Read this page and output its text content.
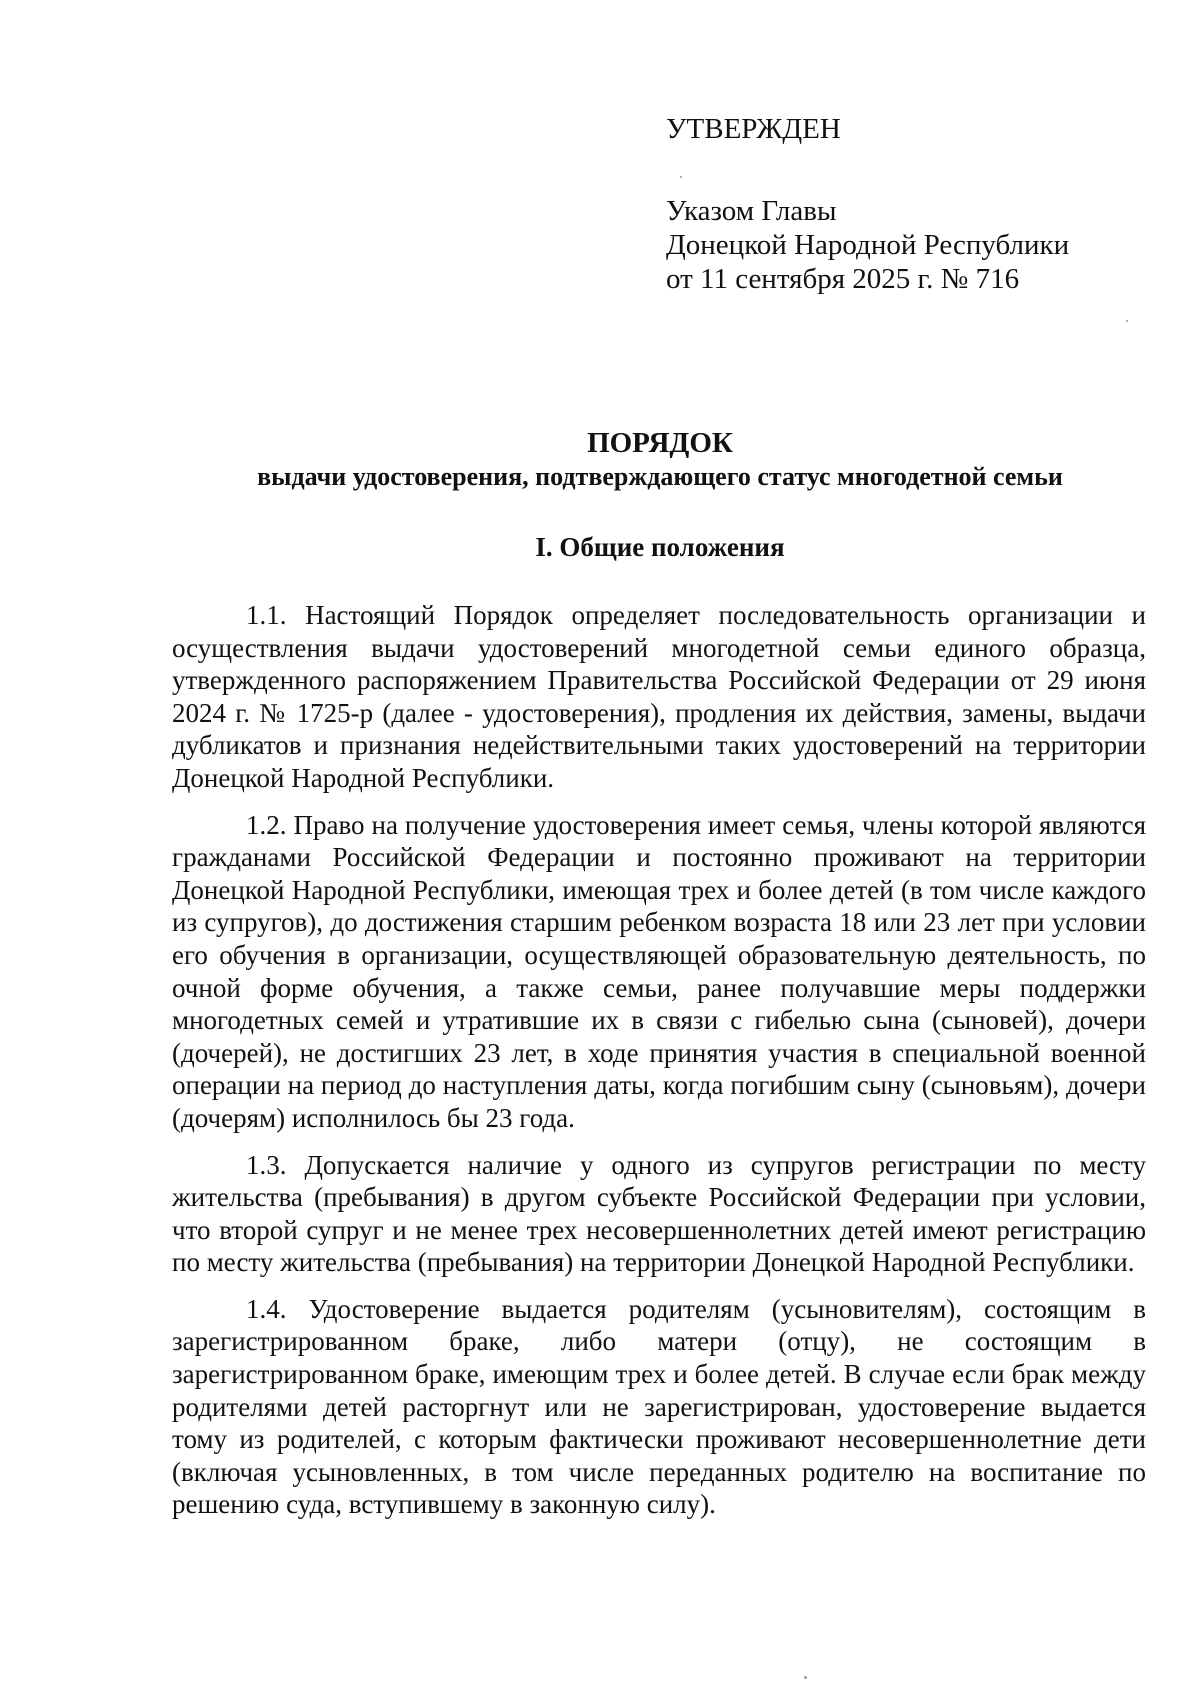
УТВЕРЖДЕН
Указом Главы
Донецкой Народной Республики
от 11 сентября 2025 г. № 716
ПОРЯДОК
выдачи удостоверения, подтверждающего статус многодетной семьи
I. Общие положения

1.1. Настоящий Порядок определяет последовательность организации и осуществления выдачи удостоверений многодетной семьи единого образца, утвержденного распоряжением Правительства Российской Федерации от 29 июня 2024 г. № 1725-р (далее - удостоверения), продления их действия, замены, выдачи дубликатов и признания недействительными таких удостоверений на территории Донецкой Народной Республики.

1.2. Право на получение удостоверения имеет семья, члены которой являются гражданами Российской Федерации и постоянно проживают на территории Донецкой Народной Республики, имеющая трех и более детей (в том числе каждого из супругов), до достижения старшим ребенком возраста 18 или 23 лет при условии его обучения в организации, осуществляющей образовательную деятельность, по очной форме обучения, а также семьи, ранее получавшие меры поддержки многодетных семей и утратившие их в связи с гибелью сына (сыновей), дочери (дочерей), не достигших 23 лет, в ходе принятия участия в специальной военной операции на период до наступления даты, когда погибшим сыну (сыновьям), дочери (дочерям) исполнилось бы 23 года.

1.3. Допускается наличие у одного из супругов регистрации по месту жительства (пребывания) в другом субъекте Российской Федерации при условии, что второй супруг и не менее трех несовершеннолетних детей имеют регистрацию по месту жительства (пребывания) на территории Донецкой Народной Республики.

1.4. Удостоверение выдается родителям (усыновителям), состоящим в зарегистрированном браке, либо матери (отцу), не состоящим в зарегистрированном браке, имеющим трех и более детей. В случае если брак между родителями детей расторгнут или не зарегистрирован, удостоверение выдается тому из родителей, с которым фактически проживают несовершеннолетние дети (включая усыновленных, в том числе переданных родителю на воспитание по решению суда, вступившему в законную силу).
